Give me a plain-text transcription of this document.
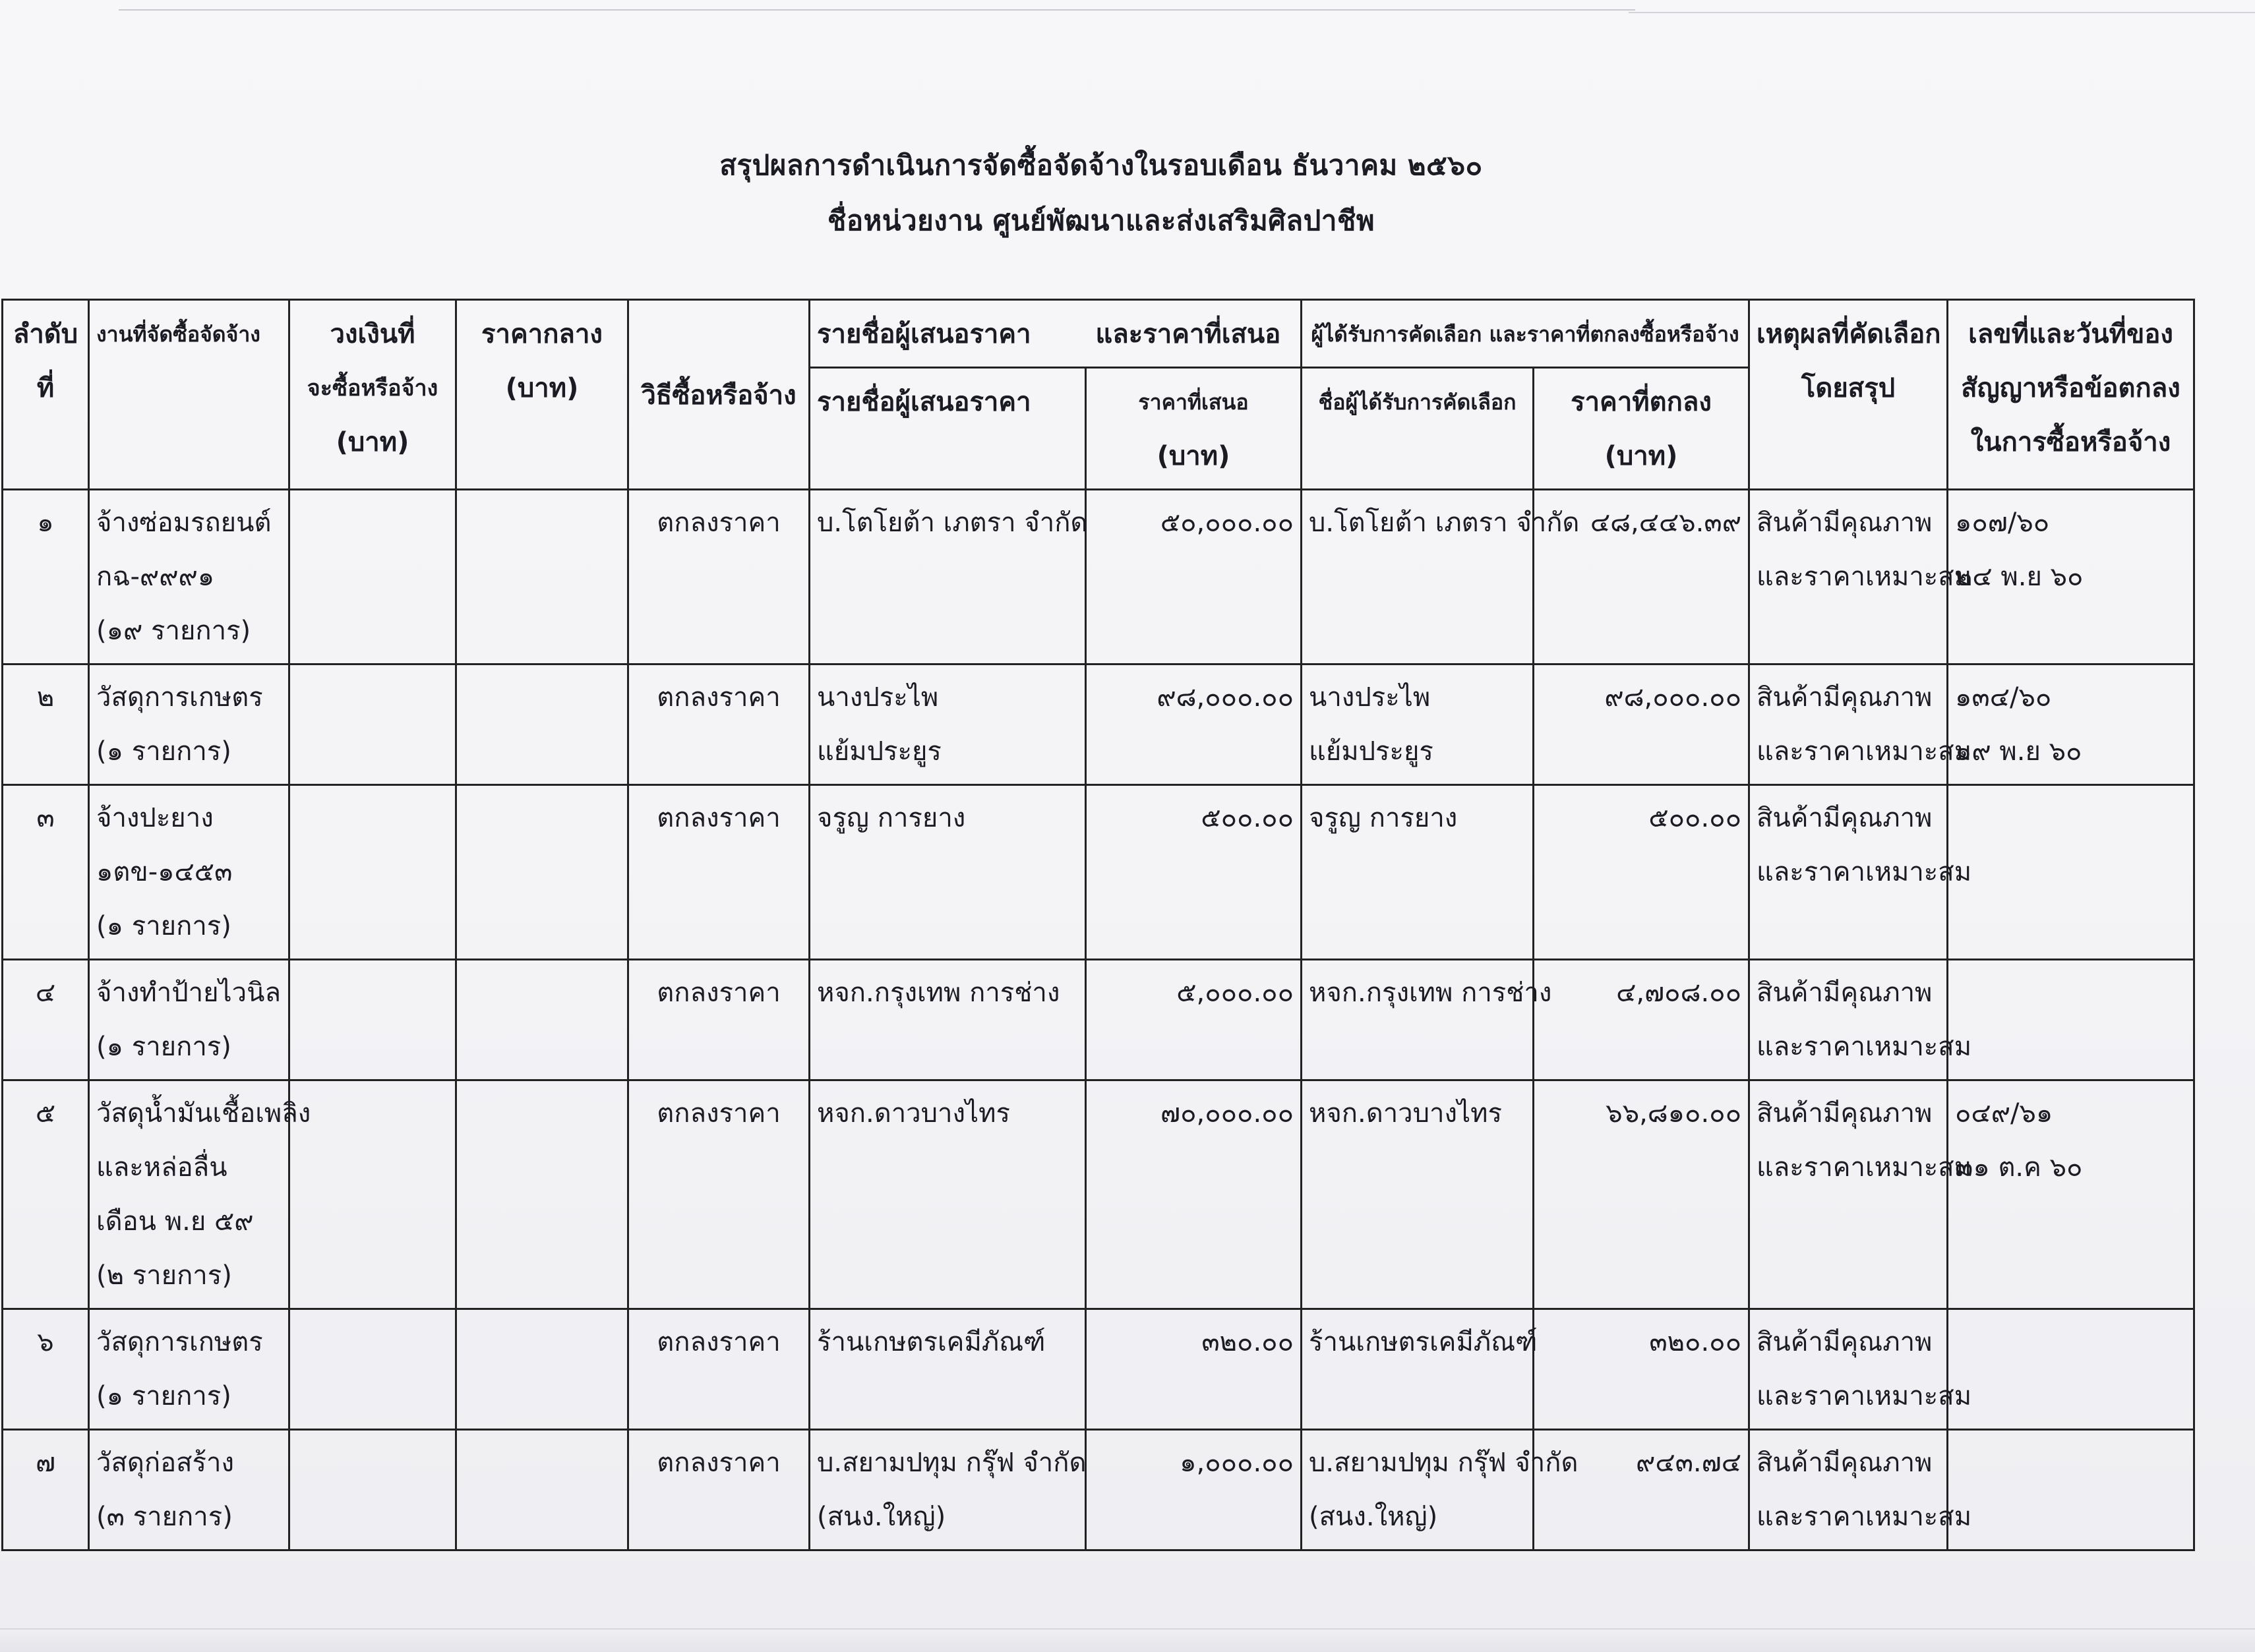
สรุปผลการดำเนินการจัดซื้อจัดจ้างในรอบเดือน ธันวาคม ๒๕๖๐
ชื่อหน่วยงาน ศูนย์พัฒนาและส่งเสริมศิลปาชีพ
ลำดับ
ที่	งานที่จัดซื้อจัดจ้าง	วงเงินที่
จะซื้อหรือจ้าง
(บาท)	ราคากลาง
(บาท)	วิธีซื้อหรือจ้าง	รายชื่อผู้เสนอราคา และราคาที่เสนอ		ผู้ได้รับการคัดเลือก และราคาที่ตกลงซื้อหรือจ้าง		เหตุผลที่คัดเลือก
โดยสรุป	เลขที่และวันที่ของ
สัญญาหรือข้อตกลง
ในการซื้อหรือจ้าง

					รายชื่อผู้เสนอราคา	ราคาที่เสนอ
(บาท)	ชื่อผู้ได้รับการคัดเลือก	ราคาที่ตกลง
(บาท)		

๑	จ้างซ่อมรถยนต์
กฉ-๙๙๙๑
(๑๙ รายการ)			ตกลงราคา	บ.โตโยต้า เภตรา จำกัด	๕๐,๐๐๐.๐๐	บ.โตโยต้า เภตรา จำกัด	๔๘,๔๔๖.๓๙	สินค้ามีคุณภาพ
และราคาเหมาะสม	๑๐๗/๖๐
๒๔ พ.ย ๖๐

๒	วัสดุการเกษตร
(๑ รายการ)			ตกลงราคา	นางประไพ
แย้มประยูร	๙๘,๐๐๐.๐๐	นางประไพ
แย้มประยูร	๙๘,๐๐๐.๐๐	สินค้ามีคุณภาพ
และราคาเหมาะสม	๑๓๔/๖๐
๑๙ พ.ย ๖๐

๓	จ้างปะยาง
๑ตข-๑๔๕๓
(๑ รายการ)			ตกลงราคา	จรูญ การยาง	๕๐๐.๐๐	จรูญ การยาง	๕๐๐.๐๐	สินค้ามีคุณภาพ
และราคาเหมาะสม	

๔	จ้างทำป้ายไวนิล
(๑ รายการ)			ตกลงราคา	หจก.กรุงเทพ การช่าง	๕,๐๐๐.๐๐	หจก.กรุงเทพ การช่าง	๔,๗๐๘.๐๐	สินค้ามีคุณภาพ
และราคาเหมาะสม	

๕	วัสดุน้ำมันเชื้อเพลิง
และหล่อลื่น
เดือน พ.ย ๕๙
(๒ รายการ)			ตกลงราคา	หจก.ดาวบางไทร	๗๐,๐๐๐.๐๐	หจก.ดาวบางไทร	๖๖,๘๑๐.๐๐	สินค้ามีคุณภาพ
และราคาเหมาะสม	๐๔๙/๖๑
๓๑ ต.ค ๖๐

๖	วัสดุการเกษตร
(๑ รายการ)			ตกลงราคา	ร้านเกษตรเคมีภัณฑ์	๓๒๐.๐๐	ร้านเกษตรเคมีภัณฑ์	๓๒๐.๐๐	สินค้ามีคุณภาพ
และราคาเหมาะสม	

๗	วัสดุก่อสร้าง
(๓ รายการ)			ตกลงราคา	บ.สยามปทุม กรุ๊ฟ จำกัด
(สนง.ใหญ่)	๑,๐๐๐.๐๐	บ.สยามปทุม กรุ๊ฟ จำกัด
(สนง.ใหญ่)	๙๔๓.๗๔	สินค้ามีคุณภาพ
และราคาเหมาะสม	
